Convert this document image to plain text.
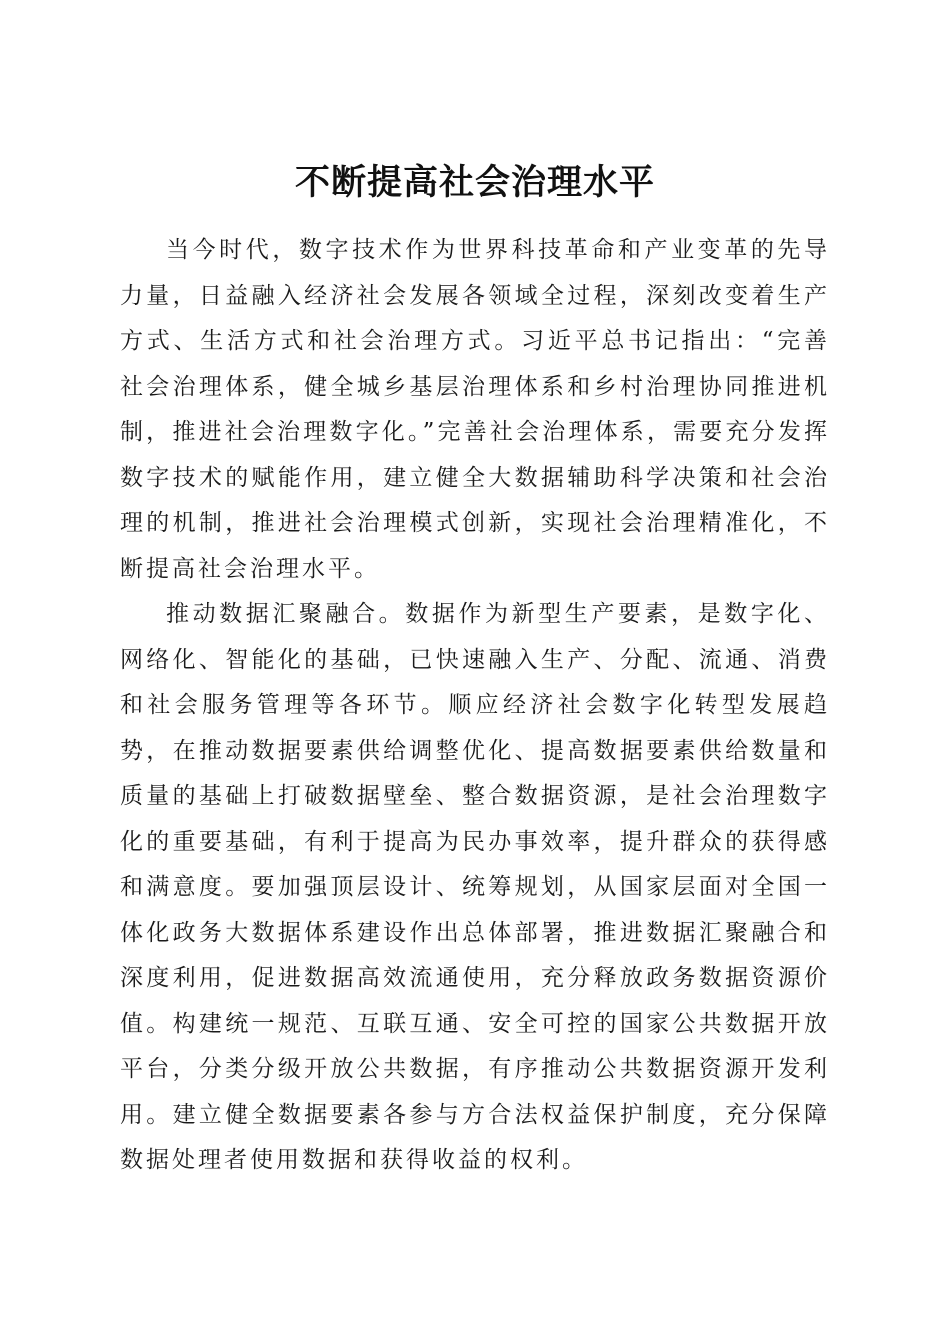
不断提高社会治理水平

当今时代，数字技术作为世界科技革命和产业变革的先导力量，日益融入经济社会发展各领域全过程，深刻改变着生产方式、生活方式和社会治理方式。习近平总书记指出：“完善社会治理体系，健全城乡基层治理体系和乡村治理协同推进机制，推进社会治理数字化。”完善社会治理体系，需要充分发挥数字技术的赋能作用，建立健全大数据辅助科学决策和社会治理的机制，推进社会治理模式创新，实现社会治理精准化，不断提高社会治理水平。

推动数据汇聚融合。数据作为新型生产要素，是数字化、网络化、智能化的基础，已快速融入生产、分配、流通、消费和社会服务管理等各环节。顺应经济社会数字化转型发展趋势，在推动数据要素供给调整优化、提高数据要素供给数量和质量的基础上打破数据壁垒、整合数据资源，是社会治理数字化的重要基础，有利于提高为民办事效率，提升群众的获得感和满意度。要加强顶层设计、统筹规划，从国家层面对全国一体化政务大数据体系建设作出总体部署，推进数据汇聚融合和深度利用，促进数据高效流通使用，充分释放政务数据资源价值。构建统一规范、互联互通、安全可控的国家公共数据开放平台，分类分级开放公共数据，有序推动公共数据资源开发利用。建立健全数据要素各参与方合法权益保护制度，充分保障数据处理者使用数据和获得收益的权利。
